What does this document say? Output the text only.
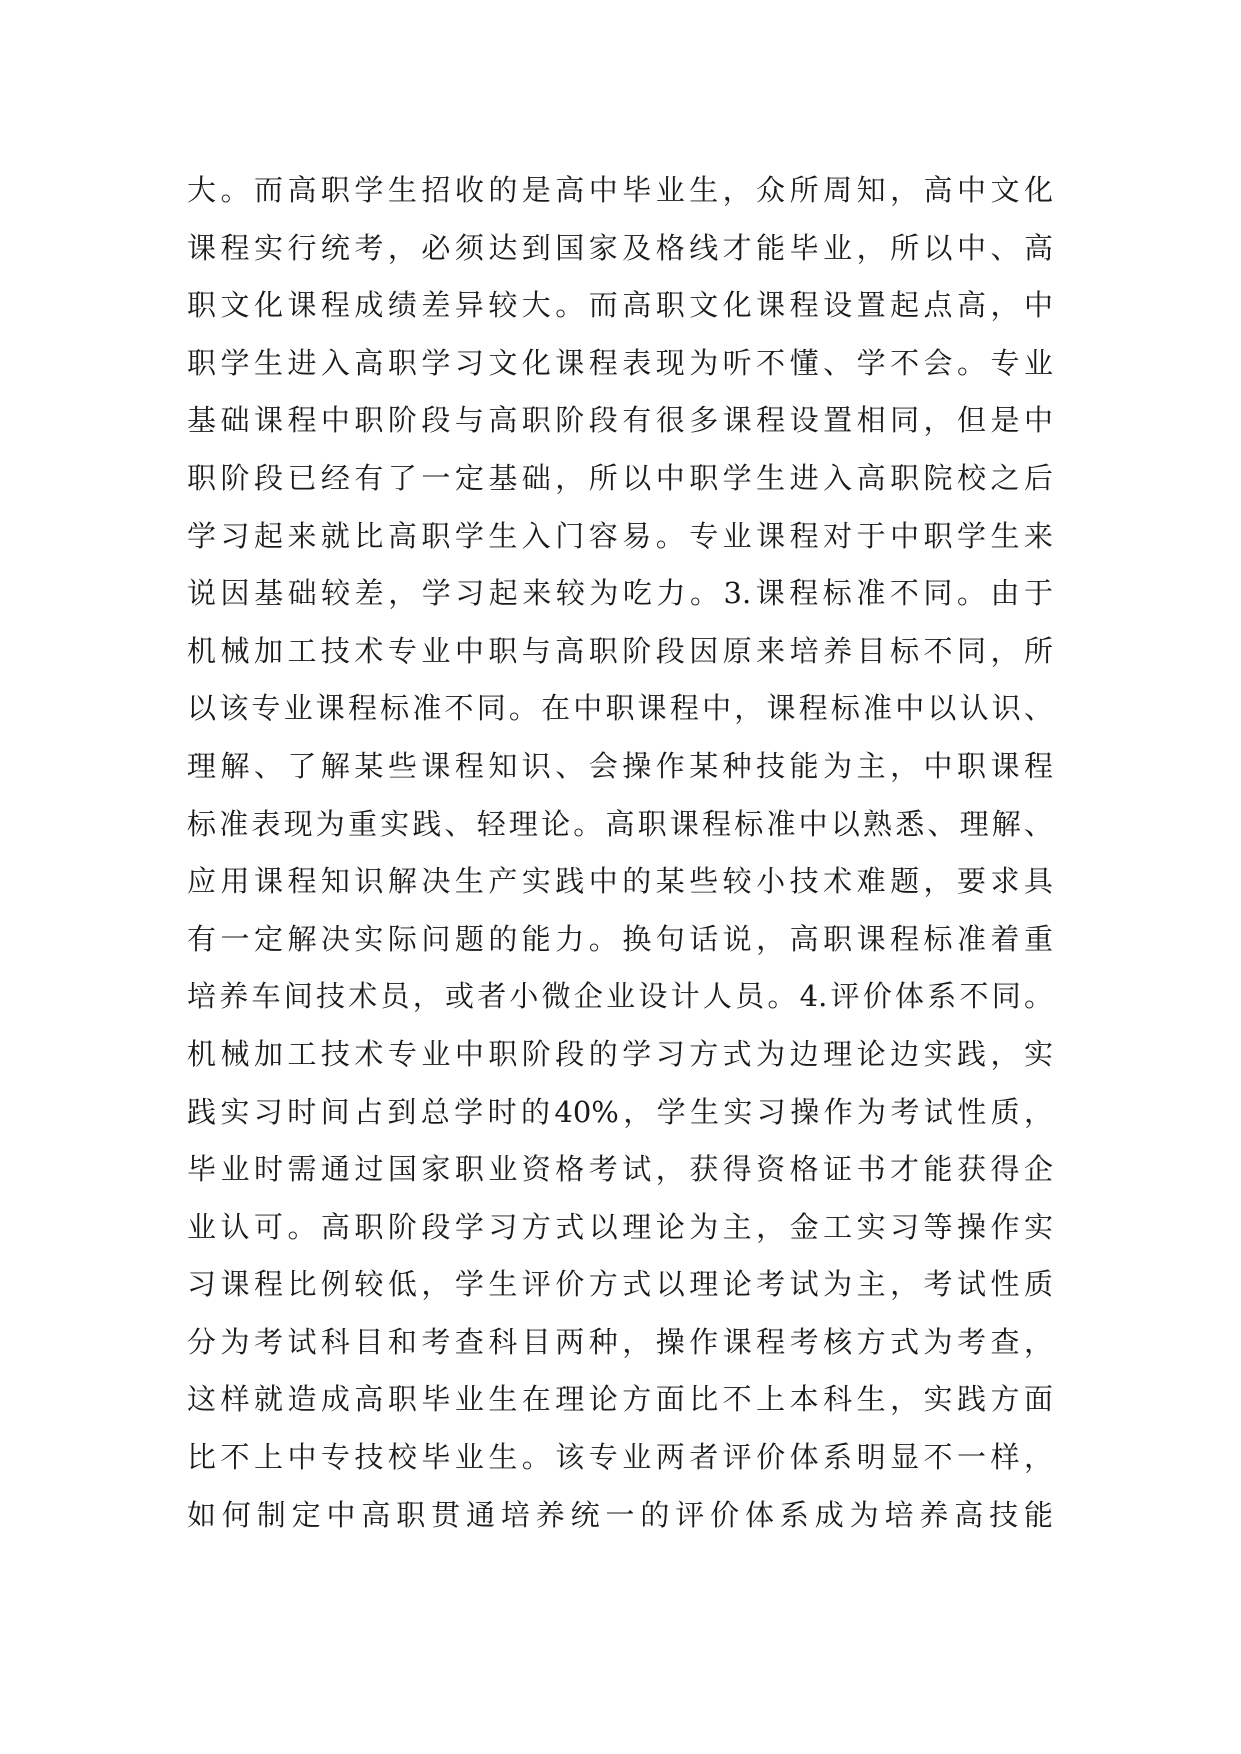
大。而高职学生招收的是高中毕业生，众所周知，高中文化
课程实行统考，必须达到国家及格线才能毕业，所以中、高
职文化课程成绩差异较大。而高职文化课程设置起点高，中
职学生进入高职学习文化课程表现为听不懂、学不会。专业
基础课程中职阶段与高职阶段有很多课程设置相同，但是中
职阶段已经有了一定基础，所以中职学生进入高职院校之后
学习起来就比高职学生入门容易。专业课程对于中职学生来
说因基础较差，学习起来较为吃力。3.课程标准不同。由于
机械加工技术专业中职与高职阶段因原来培养目标不同，所
以该专业课程标准不同。在中职课程中，课程标准中以认识、
理解、了解某些课程知识、会操作某种技能为主，中职课程
标准表现为重实践、轻理论。高职课程标准中以熟悉、理解、
应用课程知识解决生产实践中的某些较小技术难题，要求具
有一定解决实际问题的能力。换句话说，高职课程标准着重
培养车间技术员，或者小微企业设计人员。4.评价体系不同。
机械加工技术专业中职阶段的学习方式为边理论边实践，实
践实习时间占到总学时的40%，学生实习操作为考试性质，
毕业时需通过国家职业资格考试，获得资格证书才能获得企
业认可。高职阶段学习方式以理论为主，金工实习等操作实
习课程比例较低，学生评价方式以理论考试为主，考试性质
分为考试科目和考查科目两种，操作课程考核方式为考查，
这样就造成高职毕业生在理论方面比不上本科生，实践方面
比不上中专技校毕业生。该专业两者评价体系明显不一样，
如何制定中高职贯通培养统一的评价体系成为培养高技能
